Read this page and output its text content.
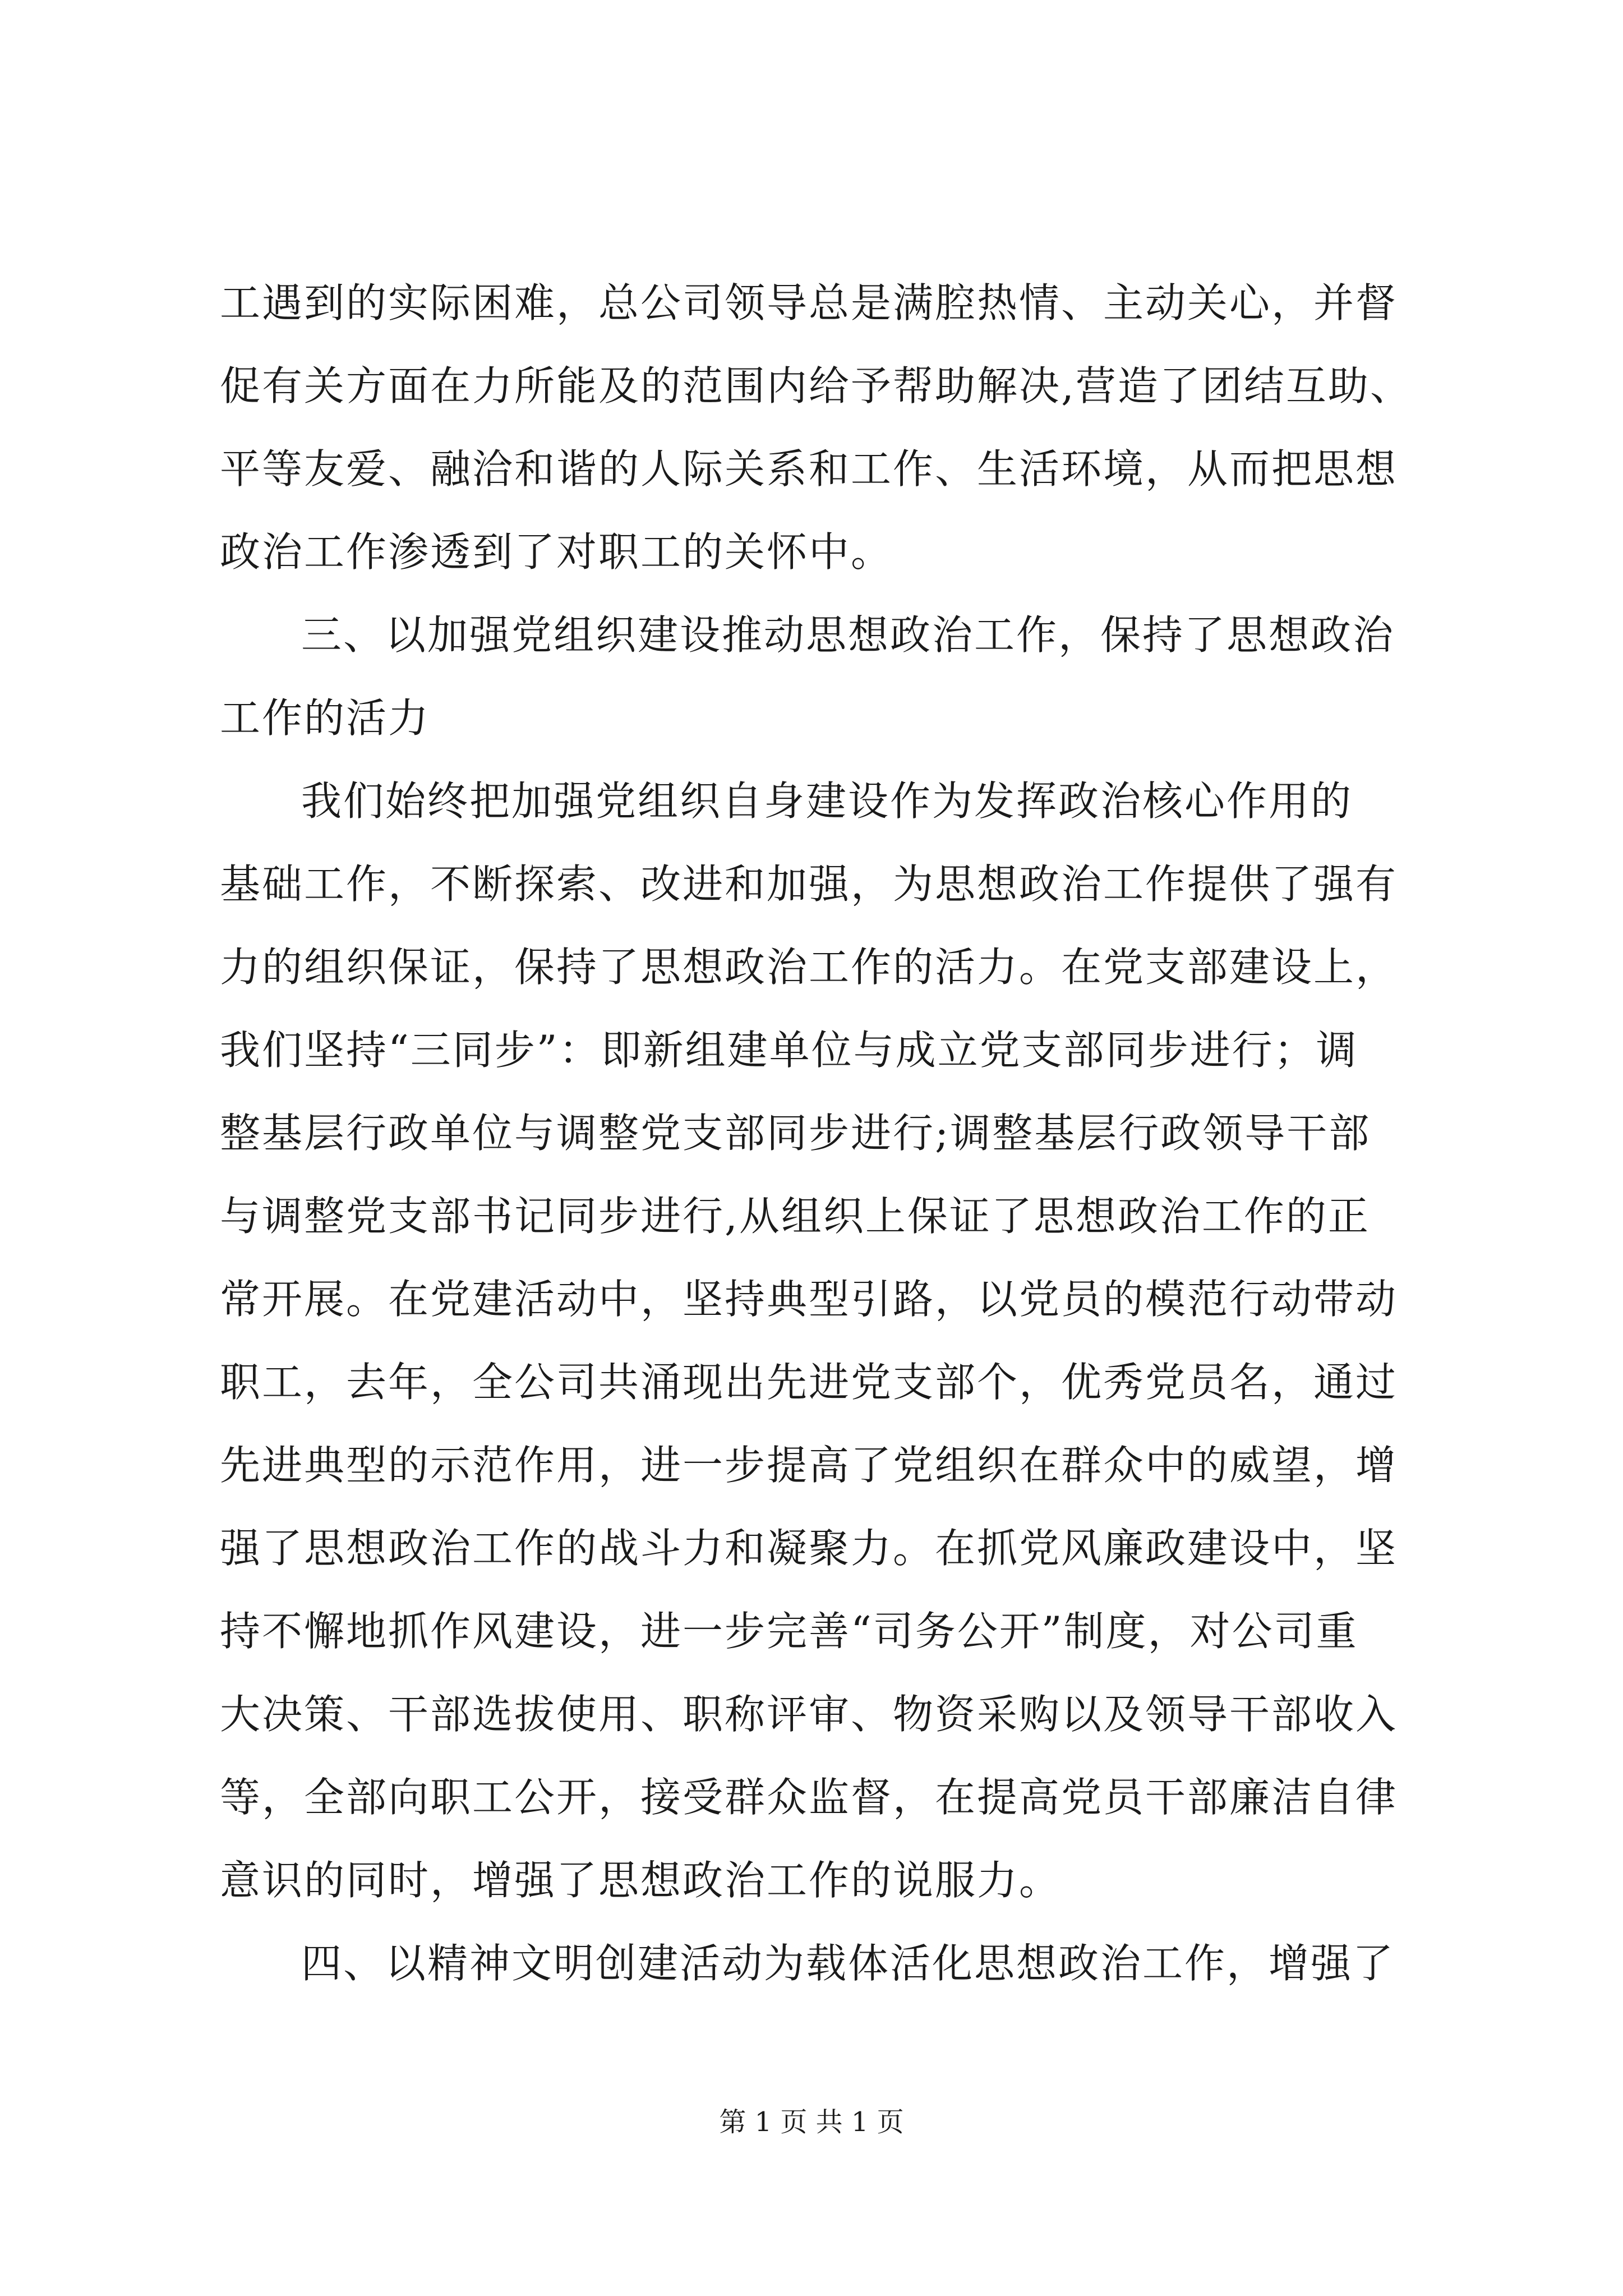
工遇到的实际困难，总公司领导总是满腔热情、主动关心，并督
促有关方面在力所能及的范围内给予帮助解决,营造了团结互助、
平等友爱、融洽和谐的人际关系和工作、生活环境，从而把思想
政治工作渗透到了对职工的关怀中。
三、以加强党组织建设推动思想政治工作，保持了思想政治
工作的活力
我们始终把加强党组织自身建设作为发挥政治核心作用的
基础工作，不断探索、改进和加强，为思想政治工作提供了强有
力的组织保证，保持了思想政治工作的活力。在党支部建设上，
我们坚持“三同步”：即新组建单位与成立党支部同步进行；调
整基层行政单位与调整党支部同步进行;调整基层行政领导干部
与调整党支部书记同步进行,从组织上保证了思想政治工作的正
常开展。在党建活动中，坚持典型引路，以党员的模范行动带动
职工，去年，全公司共涌现出先进党支部个，优秀党员名，通过
先进典型的示范作用，进一步提高了党组织在群众中的威望，增
强了思想政治工作的战斗力和凝聚力。在抓党风廉政建设中，坚
持不懈地抓作风建设，进一步完善“司务公开”制度，对公司重
大决策、干部选拔使用、职称评审、物资采购以及领导干部收入
等，全部向职工公开，接受群众监督，在提高党员干部廉洁自律
意识的同时，增强了思想政治工作的说服力。
四、以精神文明创建活动为载体活化思想政治工作，增强了
第 1 页 共 1 页
